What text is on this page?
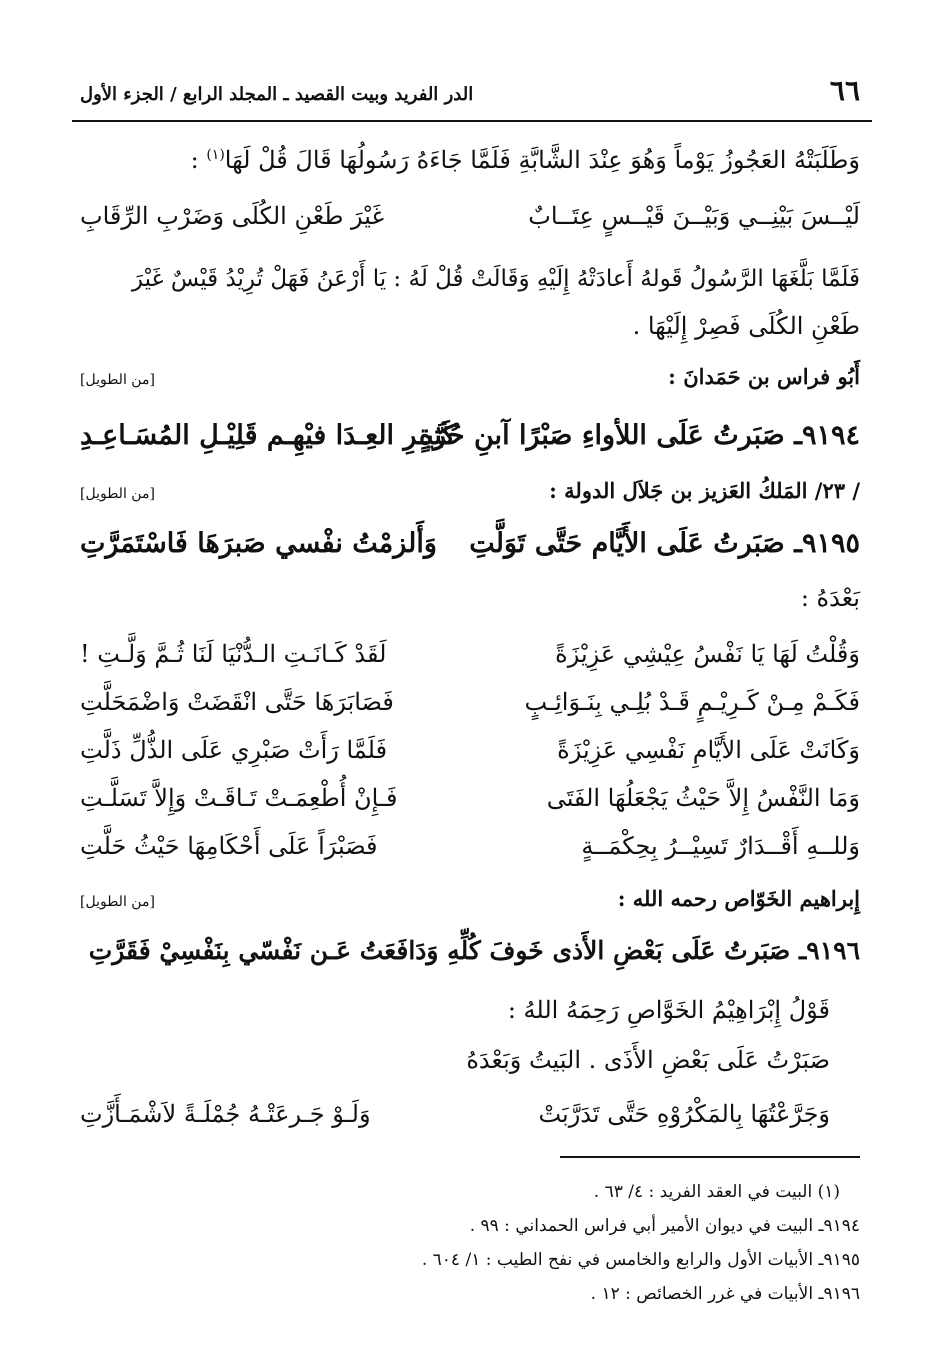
٦٦
الدر الفريد وبيت القصيد ـ المجلد الرابع / الجزء الأول
وَطَلَبَتْهُ العَجُوزُ يَوْماً وَهُوَ عِنْدَ الشَّابَّةِ فَلَمَّا جَاءَهُ رَسُولُهَا قَالَ قُلْ لَهَا$^{(١)}$ :
لَيْــسَ بَيْنِــي وَبَيْــنَ قَيْــسٍ عِتَــابٌ
غَيْرَ طَعْنِ الكُلَى وَضَرْبِ الرِّقَابِ
فَلَمَّا بَلَّغَهَا الرَّسُولُ قَولهُ أَعادَتْهُ إِلَيْهِ وَقَالَتْ قُلْ لَهُ : يَا أَرْعَنُ فَهَلْ تُرِيْدُ قَيْسٌ غَيْرَ
طَعْنِ الكُلَى فَصِرْ إِلَيْهَا .
أَبُو فراس بن حَمَدانَ :
[من الطويل]
٩١٩٤ـ صَبَرتُ عَلَى اللأواءِ صَبْرًا آبنِ حُرَّةٍ
كَثِيـرِ العِـدَا فيْهِـم قَلِيْـلِ المُسَـاعِـدِ
/ ٢٣/ المَلكُ العَزيز بن جَلاَل الدولة :
[من الطويل]
٩١٩٥ـ صَبَرتُ عَلَى الأَيَّام حَتَّى تَوَلَّتِ
وَأَلزمْتُ نفْسي صَبرَهَا فَاسْتَمَرَّتِ
بَعْدَهُ :
وَقُلْتُ لَهَا يَا نَفْسُ عِيْشِي عَزِيْزَةً
لَقَدْ كَـانَـتِ الـدُّنْيَا لَنَا ثُـمَّ وَلَّـتِ !
فَكَـمْ مِـنْ كَـرِيْـمٍ قَـدْ بُلِـي بِنَـوَائِـبٍ
فَصَابَرَهَا حَتَّى انْقَضَتْ وَاضْمَحَلَّتِ
وَكَانَتْ عَلَى الأَيَّامِ نَفْسِي عَزِيْزَةً
فَلَمَّا رَأَتْ صَبْرِي عَلَى الذُّلِّ ذَلَّتِ
وَمَا النَّفْسُ إِلاَّ حَيْثُ يَجْعَلُهَا الفَتَى
فَـإِنْ أُطْعِمَـتْ تَـاقَـتْ وَإِلاَّ تَسَلَّـتِ
وَللــهِ أَقْــدَارٌ تَسِيْــرُ بِحِكْمَــةٍ
فَصَبْرَاً عَلَى أَحْكَامِهَا حَيْثُ حَلَّتِ
إِبراهيم الخَوّاص رحمه الله :
[من الطويل]
٩١٩٦ـ صَبَرتُ عَلَى بَعْضِ الأَذى خَوفَ كُلِّهِ وَدَافَعَتُ عَـن نَفْسّي بِنَفْسِيْ فَقَرَّتِ
قَوْلُ إِبْرَاهِيْمُ الخَوَّاصِ رَحِمَهُ اللهُ :
صَبَرْتُ عَلَى بَعْضِ الأَذَى . البَيتُ وَبَعْدَهُ
وَجَرَّعْتُهَا بِالمَكْرُوْهِ حَتَّى تَدَرَّبَتْ
وَلَـوْ جَـرعَتْـهُ جُمْلَـةً لاَشْمَـأَزَّتِ
(١) البيت في العقد الفريد : ٤/ ٦٣ .
٩١٩٤ـ البيت في ديوان الأمير أبي فراس الحمداني : ٩٩ .
٩١٩٥ـ الأبيات الأول والرابع والخامس في نفح الطيب : ١/ ٦٠٤ .
٩١٩٦ـ الأبيات في غرر الخصائص : ١٢ .
